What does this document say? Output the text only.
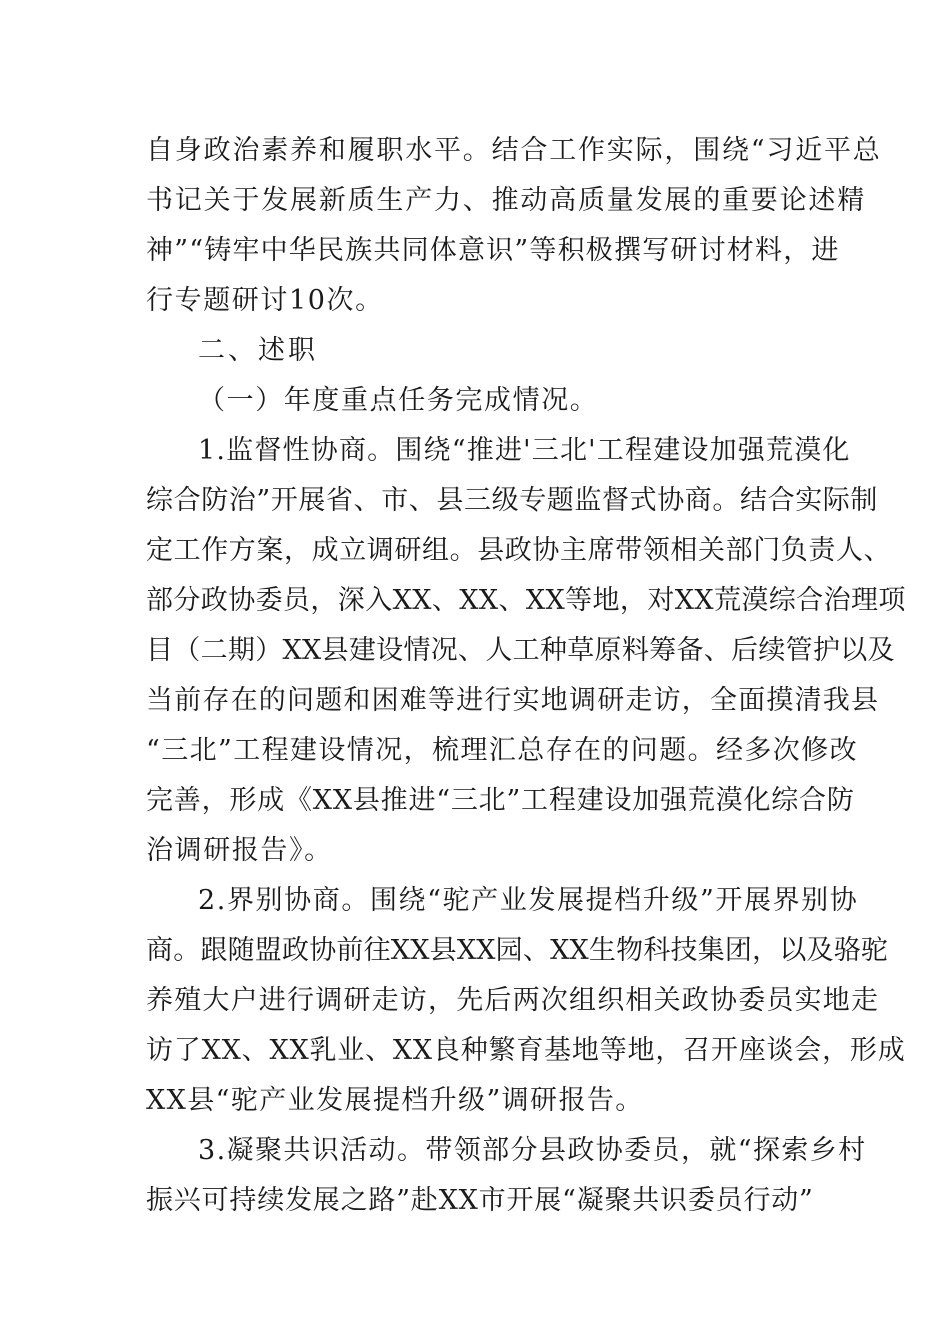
自身政治素养和履职水平。结合工作实际，围绕“习近平总
书记关于发展新质生产力、推动高质量发展的重要论述精
神”“铸牢中华民族共同体意识”等积极撰写研讨材料，进
行专题研讨10次。
二、述职
（一）年度重点任务完成情况。
1.监督性协商。围绕“推进'三北'工程建设加强荒漠化
综合防治”开展省、市、县三级专题监督式协商。结合实际制
定工作方案，成立调研组。县政协主席带领相关部门负责人、
部分政协委员，深入XX、XX、XX等地，对XX荒漠综合治理项
目（二期）XX县建设情况、人工种草原料筹备、后续管护以及
当前存在的问题和困难等进行实地调研走访，全面摸清我县
“三北”工程建设情况，梳理汇总存在的问题。经多次修改
完善，形成《XX县推进“三北”工程建设加强荒漠化综合防
治调研报告》。
2.界别协商。围绕“驼产业发展提档升级”开展界别协
商。跟随盟政协前往XX县XX园、XX生物科技集团，以及骆驼
养殖大户进行调研走访，先后两次组织相关政协委员实地走
访了XX、XX乳业、XX良种繁育基地等地，召开座谈会，形成
XX县“驼产业发展提档升级”调研报告。
3.凝聚共识活动。带领部分县政协委员，就“探索乡村
振兴可持续发展之路”赴XX市开展“凝聚共识委员行动”
